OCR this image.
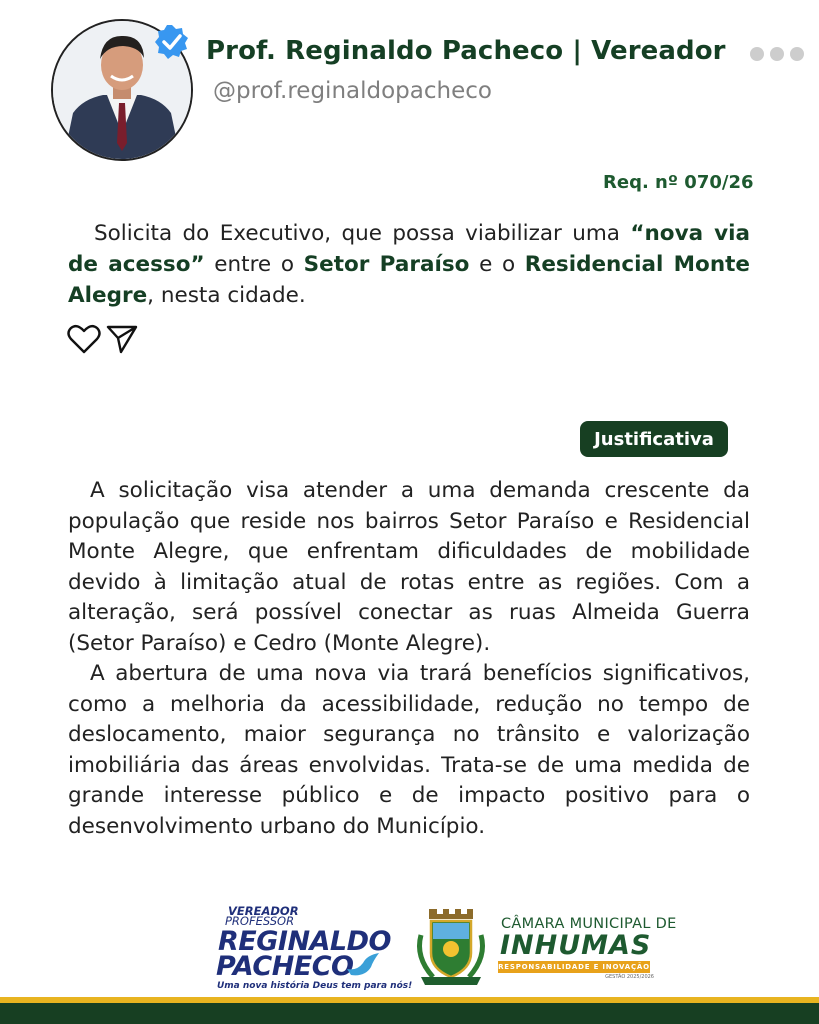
Prof. Reginaldo Pacheco | Vereador
@prof.reginaldopacheco
Req. nº 070/26
Solicita do Executivo, que possa viabilizar uma “nova via de acesso” entre o Setor Paraíso e o Residencial Monte Alegre, nesta cidade.
Justificativa

A solicitação visa atender a uma demanda crescente da população que reside nos bairros Setor Paraíso e Residencial Monte Alegre, que enfrentam dificuldades de mobilidade devido à limitação atual de rotas entre as regiões. Com a alteração, será possível conectar as ruas Almeida Guerra (Setor Paraíso) e Cedro (Monte Alegre).

A abertura de uma nova via trará benefícios significativos, como a melhoria da acessibilidade, redução no tempo de deslocamento, maior segurança no trânsito e valorização imobiliária das áreas envolvidas. Trata-se de uma medida de grande interesse público e de impacto positivo para o desenvolvimento urbano do Município.

VEREADOR
PROFESSOR
REGINALDO
PACHECO
Uma nova história Deus tem para nós!
CÂMARA MUNICIPAL DE
INHUMAS
RESPONSABILIDADE E INOVAÇÃO
GESTÃO 2025/2026
